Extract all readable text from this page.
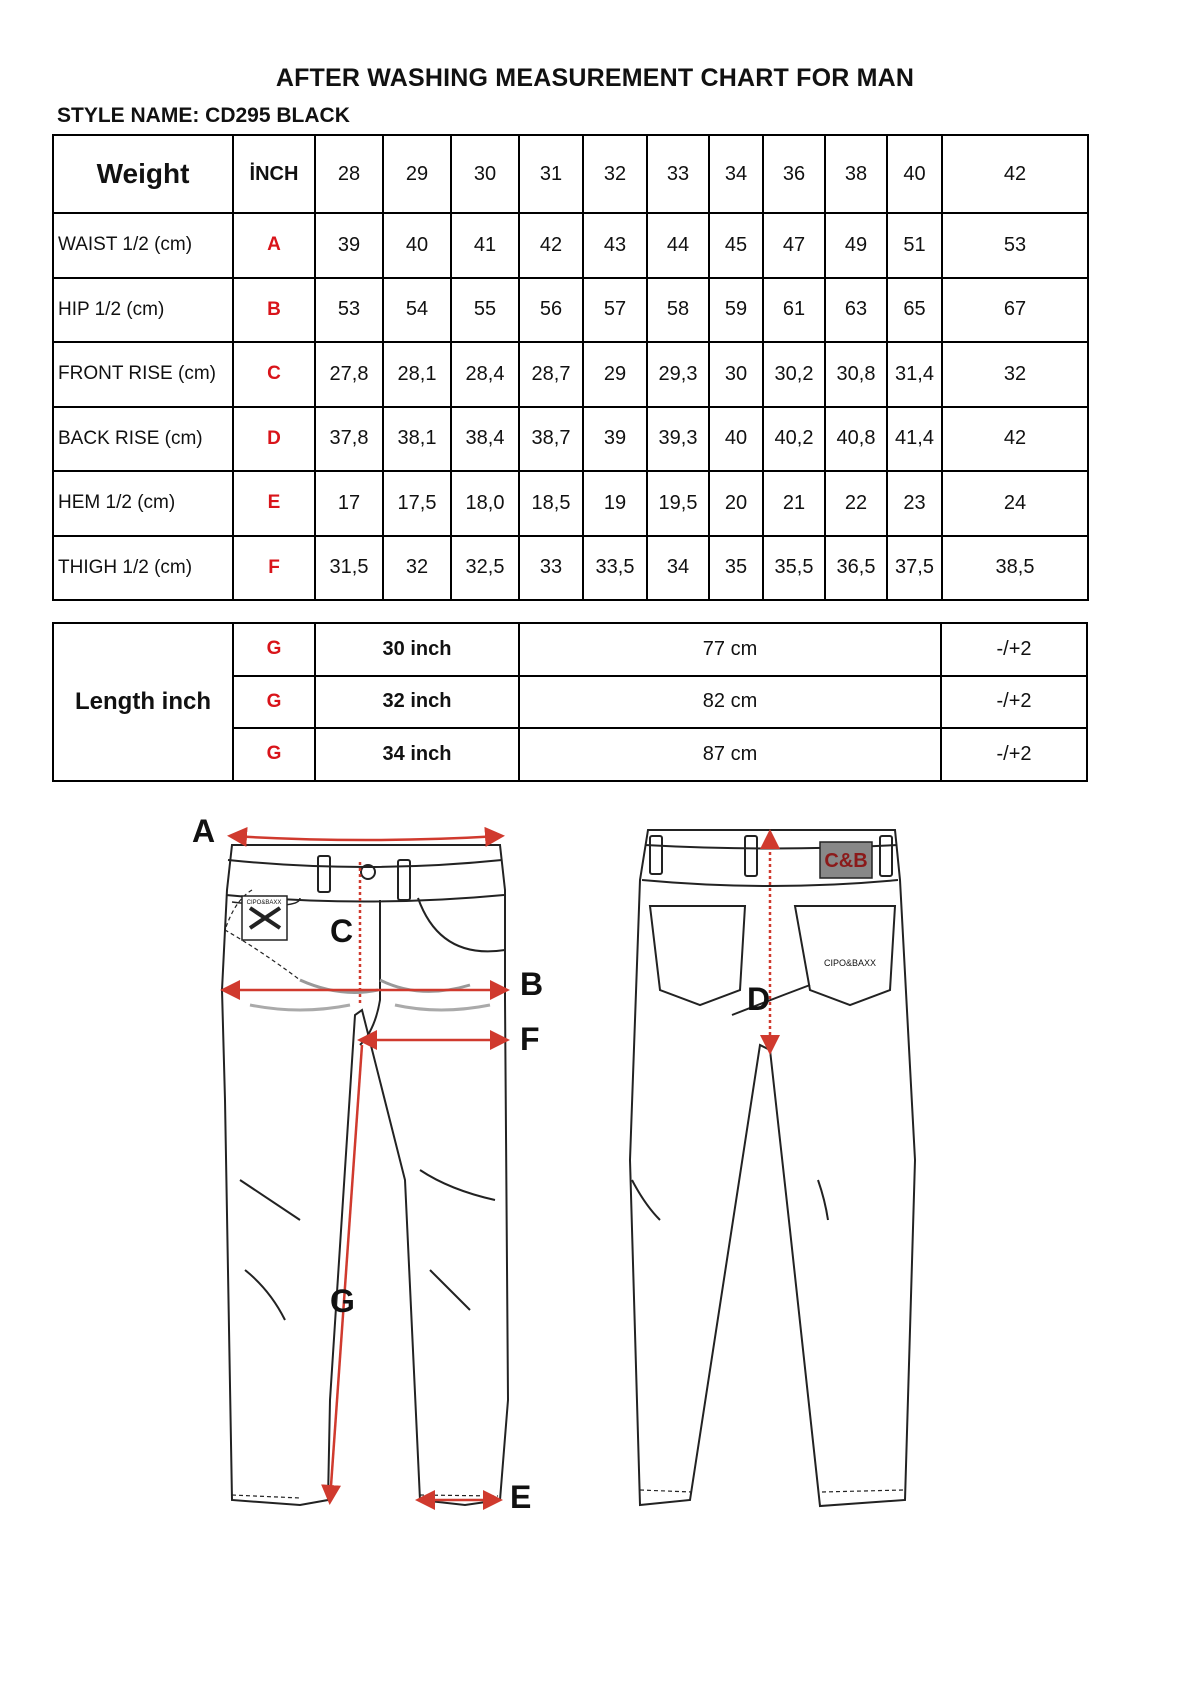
AFTER WASHING MEASUREMENT CHART FOR MAN
STYLE NAME: CD295 BLACK
Weight	İNCH	28	29	30	31	32	33	34	36	38	40	42
WAIST 1/2 (cm)	A	39	40	41	42	43	44	45	47	49	51	53
HIP 1/2 (cm)	B	53	54	55	56	57	58	59	61	63	65	67
FRONT RISE (cm)	C	27,8	28,1	28,4	28,7	29	29,3	30	30,2	30,8	31,4	32
BACK RISE (cm)	D	37,8	38,1	38,4	38,7	39	39,3	40	40,2	40,8	41,4	42
HEM 1/2 (cm)	E	17	17,5	18,0	18,5	19	19,5	20	21	22	23	24
THIGH 1/2 (cm)	F	31,5	32	32,5	33	33,5	34	35	35,5	36,5	37,5	38,5
Length inch	G	30 inch	77 cm	-/+2
	G	32 inch	82 cm	-/+2
	G	34 inch	87 cm	-/+2
CIPO&BAXX
A
C
B
F
G
E
C&B
CIPO&BAXX
D
